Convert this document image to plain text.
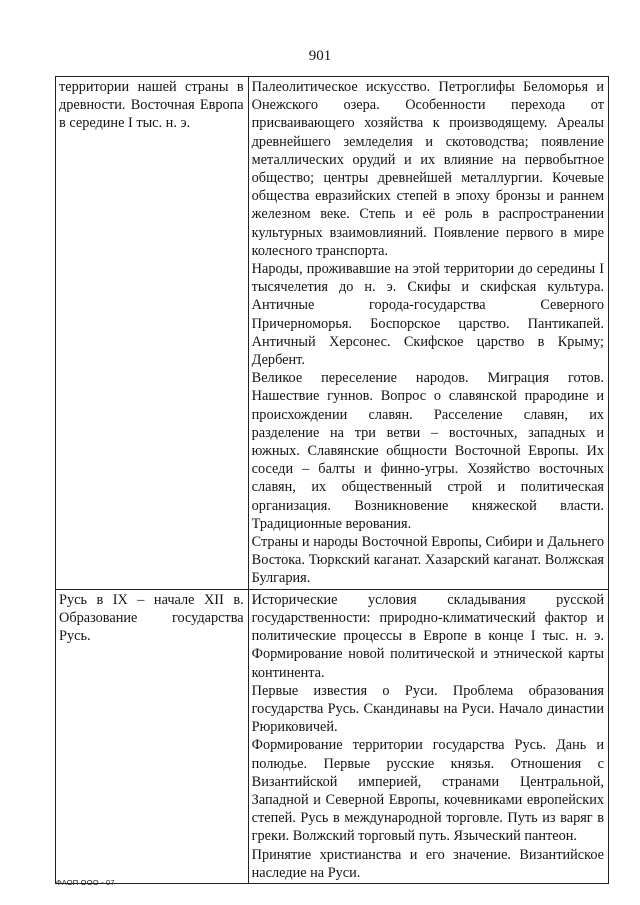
901
территории нашей страны в древности. Восточная Европа в середине I тыс. н. э.

Палеолитическое искусство. Петроглифы Беломорья и Онежского озера. Особенности перехода от присваивающего хозяйства к производящему. Ареалы древнейшего земледелия и скотоводства; появление металлических орудий и их влияние на первобытное общество; центры древнейшей металлургии. Кочевые общества евразийских степей в эпоху бронзы и раннем железном веке. Степь и её роль в распространении культурных взаимовлияний. Появление первого в мире колесного транспорта.

Народы, проживавшие на этой территории до середины I тысячелетия до н. э. Скифы и скифская культура. Античные города-государства Северного Причерноморья. Боспорское царство. Пантикапей. Античный Херсонес. Скифское царство в Крыму; Дербент.

Великое переселение народов. Миграция готов. Нашествие гуннов. Вопрос о славянской прародине и происхождении славян. Расселение славян, их разделение на три ветви – восточных, западных и южных. Славянские общности Восточной Европы. Их соседи – балты и финно-угры. Хозяйство восточных славян, их общественный строй и политическая организация. Возникновение княжеской власти. Традиционные верования.

Страны и народы Восточной Европы, Сибири и Дальнего Востока. Тюркский каганат. Хазарский каганат. Волжская Булгария.

Русь в IX – начале XII в. Образование государства Русь.

Исторические условия складывания русской государственности: природно-климатический фактор и политические процессы в Европе в конце I тыс. н. э. Формирование новой политической и этнической карты континента.

Первые известия о Руси. Проблема образования государства Русь. Скандинавы на Руси. Начало династии Рюриковичей.

Формирование территории государства Русь. Дань и полюдье. Первые русские князья. Отношения с Византийской империей, странами Центральной, Западной и Северной Европы, кочевниками европейских степей. Русь в международной торговле. Путь из варяг в греки. Волжский торговый путь. Языческий пантеон.

Принятие христианства и его значение. Византийское наследие на Руси.

ФАОП ООО - 07
